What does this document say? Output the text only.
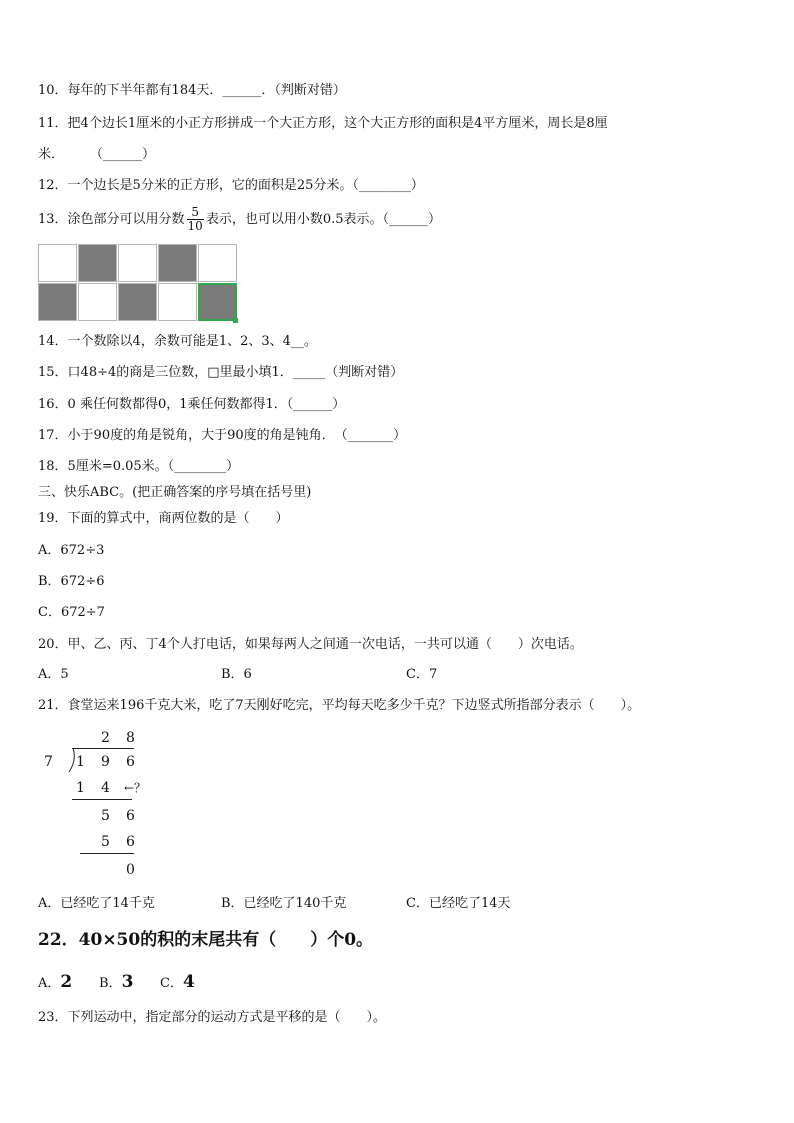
10．每年的下半年都有184天．______．（判断对错）
11．把4个边长1厘米的小正方形拼成一个大正方形，这个大正方形的面积是4平方厘米，周长是8厘
米．　　　（______）
12．一个边长是5分米的正方形，它的面积是25分米。（________）
13．涂色部分可以用分数 $\frac{5}{10}$ 表示，也可以用小数0.5表示。（______）
14．一个数除以4，余数可能是1、2、3、4__。
15．口48÷4的商是三位数，□里最小填1．_____（判断对错）
16．0 乘任何数都得0，1乘任何数都得1．（______）
17．小于90度的角是锐角，大于90度的角是钝角．　（_______）
18．5厘米=0.05米。（________）
三、快乐ABC。(把正确答案的序号填在括号里)
19．下面的算式中，商两位数的是（　　）
A．672÷3
B．672÷6
C．672÷7
20．甲、乙、丙、丁4个人打电话，如果每两人之间通一次电话，一共可以通（　　）次电话。
A．5	B．6	C．7
21．食堂运来196千克大米，吃了7天刚好吃完，平均每天吃多少千克？下边竖式所指部分表示（　　）。
2 8
7 1 9 6
1 4 ←？
5 6
5 6
0
A．已经吃了14千克	B．已经吃了140千克	C．已经吃了14天
22．40×50的积的末尾共有（　　）个0。
A．2 B．3 C．4
23．下列运动中，指定部分的运动方式是平移的是（　　）。
